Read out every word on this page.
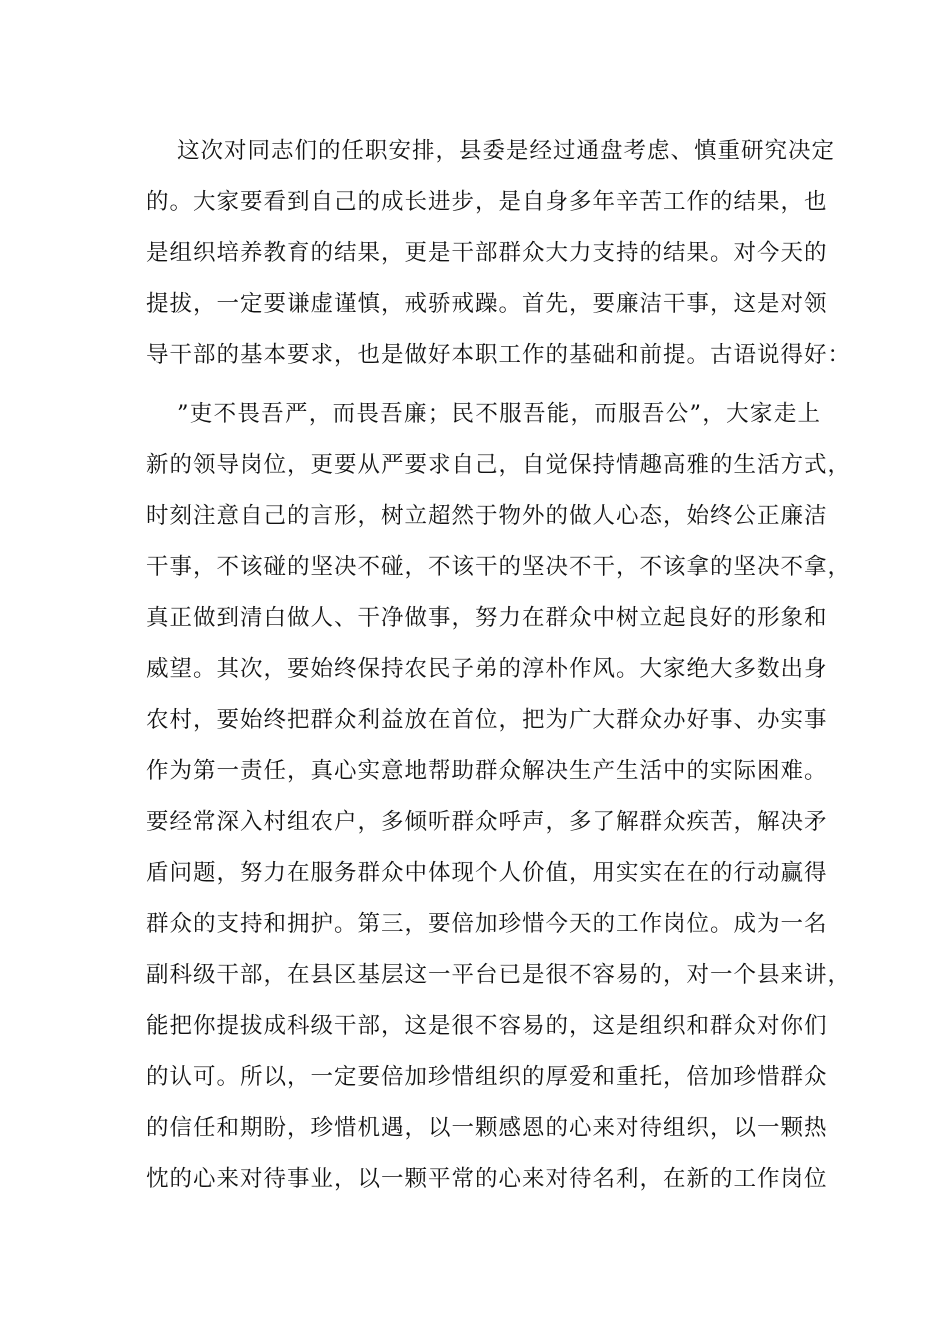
这次对同志们的任职安排，县委是经过通盘考虑、慎重研究决定
的。大家要看到自己的成长进步，是自身多年辛苦工作的结果，也
是组织培养教育的结果，更是干部群众大力支持的结果。对今天的
提拔，一定要谦虚谨慎，戒骄戒躁。首先，要廉洁干事，这是对领
导干部的基本要求，也是做好本职工作的基础和前提。古语说得好：
”吏不畏吾严，而畏吾廉；民不服吾能，而服吾公”，大家走上
新的领导岗位，更要从严要求自己，自觉保持情趣高雅的生活方式，
时刻注意自己的言形，树立超然于物外的做人心态，始终公正廉洁
干事，不该碰的坚决不碰，不该干的坚决不干，不该拿的坚决不拿，
真正做到清白做人、干净做事，努力在群众中树立起良好的形象和
威望。其次，要始终保持农民子弟的淳朴作风。大家绝大多数出身
农村，要始终把群众利益放在首位，把为广大群众办好事、办实事
作为第一责任，真心实意地帮助群众解决生产生活中的实际困难。
要经常深入村组农户，多倾听群众呼声，多了解群众疾苦，解决矛
盾问题，努力在服务群众中体现个人价值，用实实在在的行动赢得
群众的支持和拥护。第三，要倍加珍惜今天的工作岗位。成为一名
副科级干部，在县区基层这一平台已是很不容易的，对一个县来讲，
能把你提拔成科级干部，这是很不容易的，这是组织和群众对你们
的认可。所以，一定要倍加珍惜组织的厚爱和重托，倍加珍惜群众
的信任和期盼，珍惜机遇，以一颗感恩的心来对待组织，以一颗热
忱的心来对待事业，以一颗平常的心来对待名利，在新的工作岗位
